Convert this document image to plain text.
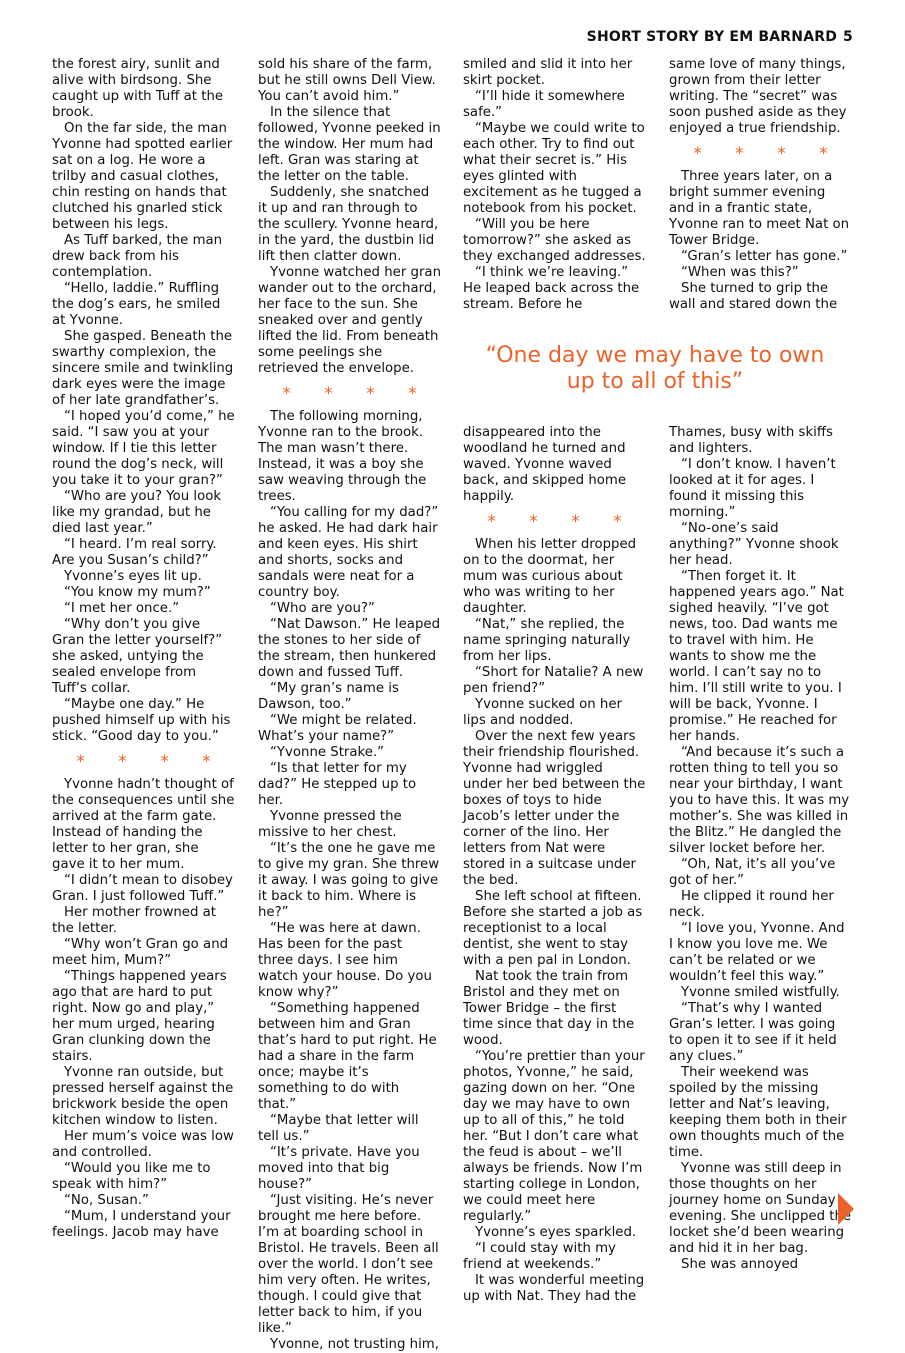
SHORT STORY BY EM BARNARD 5

the forest airy, sunlit and alive with birdsong. She caught up with Tuff at the brook.

On the far side, the man Yvonne had spotted earlier sat on a log. He wore a trilby and casual clothes, chin resting on hands that clutched his gnarled stick between his legs.

As Tuff barked, the man drew back from his contemplation.

“Hello, laddie.” Ruffling the dog’s ears, he smiled at Yvonne.

She gasped. Beneath the swarthy complexion, the sincere smile and twinkling dark eyes were the image of her late grandfather’s.

“I hoped you’d come,” he said. “I saw you at your window. If I tie this letter round the dog’s neck, will you take it to your gran?”

“Who are you? You look like my grandad, but he died last year.”

“I heard. I’m real sorry. Are you Susan’s child?”

Yvonne’s eyes lit up.

“You know my mum?”

“I met her once.”

“Why don’t you give Gran the letter yourself?” she asked, untying the sealed envelope from Tuff’s collar.

“Maybe one day.” He pushed himself up with his stick. “Good day to you.”

* * * *

Yvonne hadn’t thought of the consequences until she arrived at the farm gate. Instead of handing the letter to her gran, she gave it to her mum.

“I didn’t mean to disobey Gran. I just followed Tuff.”

Her mother frowned at the letter.

“Why won’t Gran go and meet him, Mum?”

“Things happened years ago that are hard to put right. Now go and play,” her mum urged, hearing Gran clunking down the stairs.

Yvonne ran outside, but pressed herself against the brickwork beside the open kitchen window to listen.

Her mum’s voice was low and controlled.

“Would you like me to speak with him?”

“No, Susan.”

“Mum, I understand your feelings. Jacob may have

sold his share of the farm, but he still owns Dell View. You can’t avoid him.”

In the silence that followed, Yvonne peeked in the window. Her mum had left. Gran was staring at the letter on the table.

Suddenly, she snatched it up and ran through to the scullery. Yvonne heard, in the yard, the dustbin lid lift then clatter down.

Yvonne watched her gran wander out to the orchard, her face to the sun. She sneaked over and gently lifted the lid. From beneath some peelings she retrieved the envelope.

* * * *

The following morning, Yvonne ran to the brook. The man wasn’t there. Instead, it was a boy she saw weaving through the trees.

“You calling for my dad?” he asked. He had dark hair and keen eyes. His shirt and shorts, socks and sandals were neat for a country boy.

“Who are you?”

“Nat Dawson.” He leaped the stones to her side of the stream, then hunkered down and fussed Tuff.

“My gran’s name is Dawson, too.”

“We might be related. What’s your name?”

“Yvonne Strake.”

“Is that letter for my dad?” He stepped up to her.

Yvonne pressed the missive to her chest.

“It’s the one he gave me to give my gran. She threw it away. I was going to give it back to him. Where is he?”

“He was here at dawn. Has been for the past three days. I see him watch your house. Do you know why?”

“Something happened between him and Gran that’s hard to put right. He had a share in the farm once; maybe it’s something to do with that.”

“Maybe that letter will tell us.”

“It’s private. Have you moved into that big house?”

“Just visiting. He’s never brought me here before. I’m at boarding school in Bristol. He travels. Been all over the world. I don’t see him very often. He writes, though. I could give that letter back to him, if you like.”

Yvonne, not trusting him,

smiled and slid it into her skirt pocket.

“I’ll hide it somewhere safe.”

“Maybe we could write to each other. Try to find out what their secret is.” His eyes glinted with excitement as he tugged a notebook from his pocket.

“Will you be here tomorrow?” she asked as they exchanged addresses.

“I think we’re leaving.” He leaped back across the stream. Before he

same love of many things, grown from their letter writing. The “secret” was soon pushed aside as they enjoyed a true friendship.

* * * *

Three years later, on a bright summer evening and in a frantic state, Yvonne ran to meet Nat on Tower Bridge.

“Gran’s letter has gone.”

“When was this?”

She turned to grip the wall and stared down the

“One day we may have to own up to all of this”

disappeared into the woodland he turned and waved. Yvonne waved back, and skipped home happily.

* * * *

When his letter dropped on to the doormat, her mum was curious about who was writing to her daughter.

“Nat,” she replied, the name springing naturally from her lips.

“Short for Natalie? A new pen friend?”

Yvonne sucked on her lips and nodded.

Over the next few years their friendship flourished. Yvonne had wriggled under her bed between the boxes of toys to hide Jacob’s letter under the corner of the lino. Her letters from Nat were stored in a suitcase under the bed.

She left school at fifteen. Before she started a job as receptionist to a local dentist, she went to stay with a pen pal in London.

Nat took the train from Bristol and they met on Tower Bridge – the first time since that day in the wood.

“You’re prettier than your photos, Yvonne,” he said, gazing down on her. “One day we may have to own up to all of this,” he told her. “But I don’t care what the feud is about – we’ll always be friends. Now I’m starting college in London, we could meet here regularly.”

Yvonne’s eyes sparkled.

“I could stay with my friend at weekends.”

It was wonderful meeting up with Nat. They had the

Thames, busy with skiffs and lighters.

“I don’t know. I haven’t looked at it for ages. I found it missing this morning.”

“No-one’s said anything?” Yvonne shook her head.

“Then forget it. It happened years ago.” Nat sighed heavily. “I’ve got news, too. Dad wants me to travel with him. He wants to show me the world. I can’t say no to him. I’ll still write to you. I will be back, Yvonne. I promise.” He reached for her hands.

“And because it’s such a rotten thing to tell you so near your birthday, I want you to have this. It was my mother’s. She was killed in the Blitz.” He dangled the silver locket before her.

“Oh, Nat, it’s all you’ve got of her.”

He clipped it round her neck.

“I love you, Yvonne. And I know you love me. We can’t be related or we wouldn’t feel this way.”

Yvonne smiled wistfully.

“That’s why I wanted Gran’s letter. I was going to open it to see if it held any clues.”

Their weekend was spoiled by the missing letter and Nat’s leaving, keeping them both in their own thoughts much of the time.

Yvonne was still deep in those thoughts on her journey home on Sunday evening. She unclipped the locket she’d been wearing and hid it in her bag.

She was annoyed
